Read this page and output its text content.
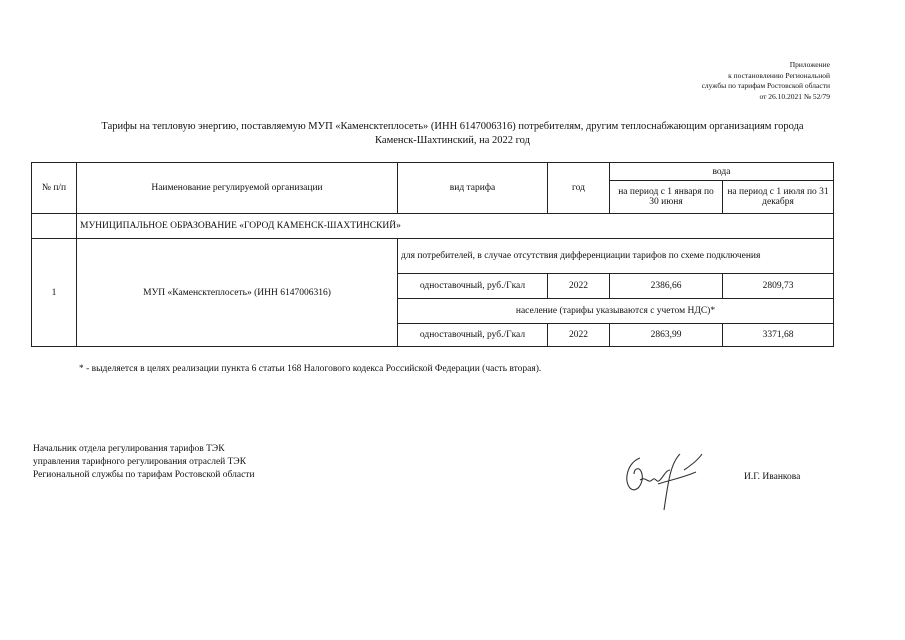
Приложение
к постановлению Региональной
службы по тарифам Ростовской области
от 26.10.2021 № 52/79
Тарифы на тепловую энергию, поставляемую МУП «Каменсктеплосеть» (ИНН 6147006316) потребителям, другим теплоснабжающим организациям города
Каменск-Шахтинский, на 2022 год
№ п/п	Наименование регулируемой организации	вид тарифа	год	вода	
				на период с 1 января по 30 июня	на период с 1 июля по 31 декабря
	МУНИЦИПАЛЬНОЕ ОБРАЗОВАНИЕ «ГОРОД КАМЕНСК-ШАХТИНСКИЙ»				
1	МУП «Каменсктеплосеть» (ИНН 6147006316)	для потребителей, в случае отсутствия дифференциации тарифов по схеме подключения			
		одноставочный, руб./Гкал	2022	2386,66	2809,73
		население (тарифы указываются с учетом НДС)*			
		одноставочный, руб./Гкал	2022	2863,99	3371,68
* - выделяется в целях реализации пункта 6 статьи 168 Налогового кодекса Российской Федерации (часть вторая).
Начальник отдела регулирования тарифов ТЭК
управления тарифного регулирования отраслей ТЭК
Региональной службы по тарифам Ростовской области	И.Г. Иванкова
